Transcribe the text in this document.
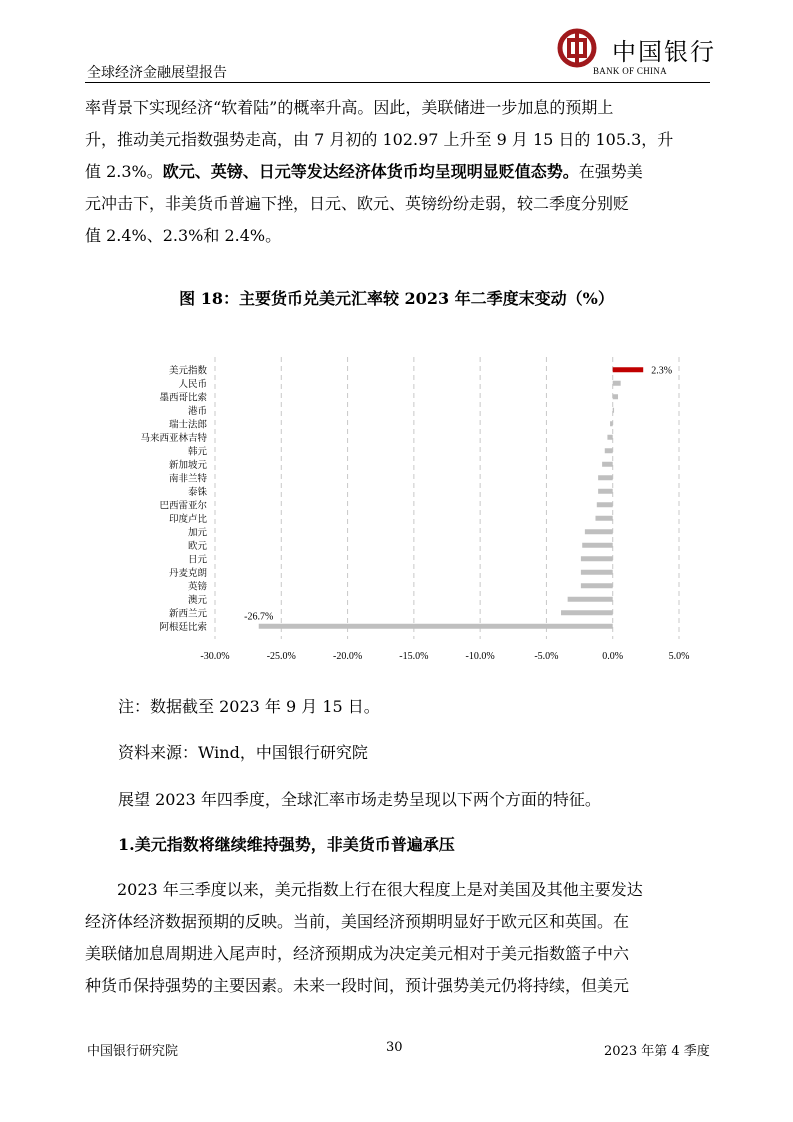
全球经济金融展望报告
中国银行
BANK OF CHINA
率背景下实现经济“软着陆”的概率升高。因此，美联储进一步加息的预期上
升，推动美元指数强势走高，由 7 月初的 102.97 上升至 9 月 15 日的 105.3，升
值 2.3%。欧元、英镑、日元等发达经济体货币均呈现明显贬值态势。在强势美
元冲击下，非美货币普遍下挫，日元、欧元、英镑纷纷走弱，较二季度分别贬
值 2.4%、2.3%和 2.4%。
图 18：主要货币兑美元汇率较 2023 年二季度末变动（%）
-30.0%	-25.0%	-20.0%	-15.0%	-10.0%	-5.0%	0.0%	5.0%
美元指数
人民币
墨西哥比索
港币
瑞士法郎
马来西亚林吉特
韩元
新加坡元
南非兰特
泰铢
巴西雷亚尔
印度卢比
加元
欧元
日元
丹麦克朗
英镑
澳元
新西兰元
阿根廷比索
2.3%
-26.7%
注：数据截至 2023 年 9 月 15 日。
资料来源：Wind，中国银行研究院
展望 2023 年四季度，全球汇率市场走势呈现以下两个方面的特征。
1.美元指数将继续维持强势，非美货币普遍承压
2023 年三季度以来，美元指数上行在很大程度上是对美国及其他主要发达
经济体经济数据预期的反映。当前，美国经济预期明显好于欧元区和英国。在
美联储加息周期进入尾声时，经济预期成为决定美元相对于美元指数篮子中六
种货币保持强势的主要因素。未来一段时间，预计强势美元仍将持续，但美元
中国银行研究院	30	2023 年第 4 季度
